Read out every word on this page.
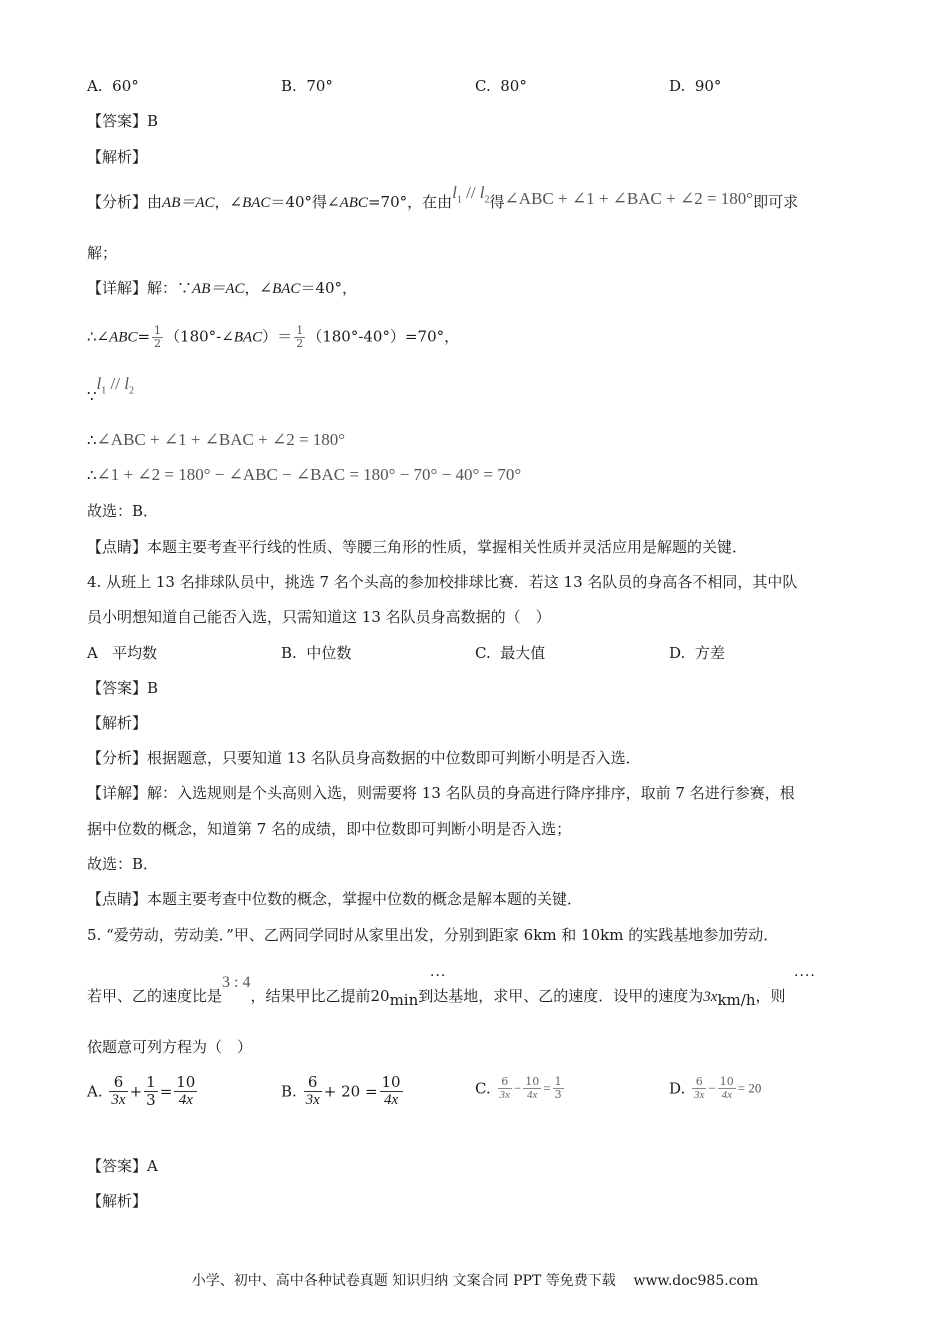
A. 60°	B. 70°	C. 80°	D. 90°
【答案】B
【解析】
【分析】由AB＝AC，∠BAC＝40°得∠ABC=70°，在由$l_1 // l_2$得∠ABC + ∠1 + ∠BAC + ∠2 = 180°即可求
解；
【详解】解：∵AB＝AC，∠BAC＝40°，
∴∠ABC= $\frac{1}{2}$ （180°-∠BAC）＝ $\frac{1}{2} (180^\circ-40^\circ)=70^\circ$，
$\because l_1 // l_2$
∴∠ABC + ∠1 + ∠BAC + ∠2 = 180°
∴∠1 + ∠2 = 180° − ∠ABC − ∠BAC = 180° − 70° − 40° = 70°
故选：B．
【点睛】本题主要考查平行线的性质、等腰三角形的性质，掌握相关性质并灵活应用是解题的关键．
4. 从班上 13 名排球队员中，挑选 7 名个头高的参加校排球比赛．若这 13 名队员的身高各不相同，其中队
员小明想知道自己能否入选，只需知道这 13 名队员身高数据的（　）
A 平均数	B. 中位数	C. 最大值	D. 方差
【答案】B
【解析】
【分析】根据题意，只要知道 13 名队员身高数据的中位数即可判断小明是否入选．
【详解】解：入选规则是个头高则入选，则需要将 13 名队员的身高进行降序排序，取前 7 名进行参赛，根
据中位数的概念，知道第 7 名的成绩，即中位数即可判断小明是否入选；
故选：B．
【点睛】本题主要考查中位数的概念，掌握中位数的概念是解本题的关键．
5. “爱劳动，劳动美．”甲、乙两同学同时从家里出发，分别到距家 6km 和 10km 的实践基地参加劳动．
···	····
若甲、乙的速度比是3 : 4，结果甲比乙提前20min到达基地，求甲、乙的速度．设甲的速度为3xkm/h，则
依题意可列方程为（　）
A. $\frac{6}{3x} + \frac{1}{3} = \frac{10}{4x}$	B. $\frac{6}{3x} + 20 = \frac{10}{4x}$	C. $\frac{6}{3x} - \frac{10}{4x} = \frac{1}{3}$	D. $\frac{6}{3x} - \frac{10}{4x} = 20$
【答案】A
【解析】
小学、初中、高中各种试卷真题 知识归纳 文案合同 PPT 等免费下载 www.doc985.com
